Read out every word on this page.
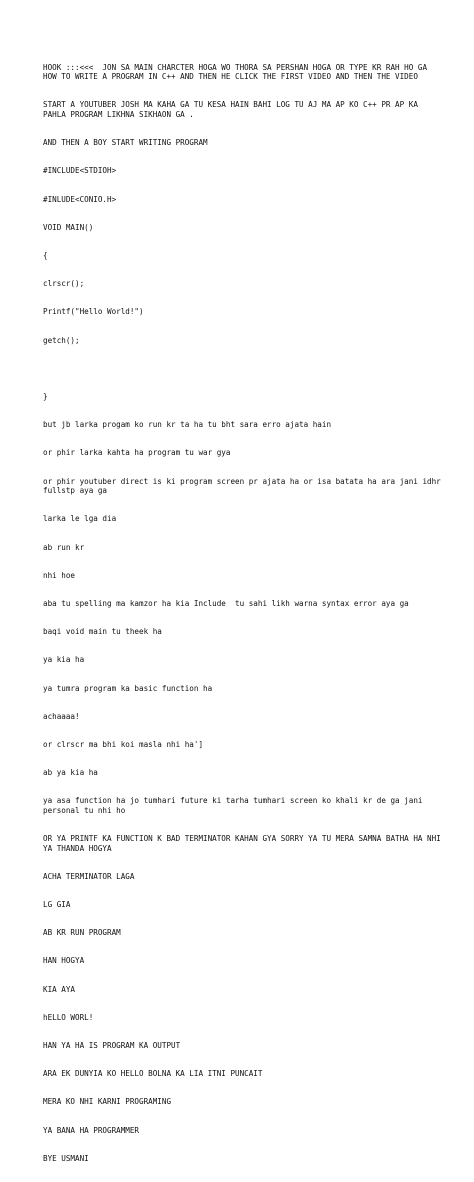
HOOK :::<<<  JON SA MAIN CHARCTER HOGA WO THORA SA PERSHAN HOGA OR TYPE KR RAH HO GA HOW TO WRITE A PROGRAM IN C++ AND THEN HE CLICK THE FIRST VIDEO AND THEN THE VIDEO

START A YOUTUBER JOSH MA KAHA GA TU KESA HAIN BAHI LOG TU AJ MA AP KO C++ PR AP KA PAHLA PROGRAM LIKHNA SIKHAON GA .

AND THEN A BOY START WRITING PROGRAM

#INCLUDE<STDIOH>

#INLUDE<CONIO.H>

VOID MAIN()

{

clrscr();

Printf("Hello World!")

getch();

}

but jb larka progam ko run kr ta ha tu bht sara erro ajata hain

or phir larka kahta ha program tu war gya

or phir youtuber direct is ki program screen pr ajata ha or isa batata ha ara jani idhr fullstp aya ga

larka le lga dia

ab run kr

nhi hoe

aba tu spelling ma kamzor ha kia Include  tu sahi likh warna syntax error aya ga

baqi void main tu theek ha

ya kia ha

ya tumra program ka basic function ha

achaaaa!

or clrscr ma bhi koi masla nhi ha']

ab ya kia ha

ya asa function ha jo tumhari future ki tarha tumhari screen ko khali kr de ga jani personal tu nhi ho

OR YA PRINTF KA FUNCTION K BAD TERMINATOR KAHAN GYA SORRY YA TU MERA SAMNA BATHA HA NHI YA THANDA HOGYA

ACHA TERMINATOR LAGA

LG GIA

AB KR RUN PROGRAM

HAN HOGYA

KIA AYA

hELLO WORL!

HAN YA HA IS PROGRAM KA OUTPUT

ARA EK DUNYIA KO HELLO BOLNA KA LIA ITNI PUNCAIT

MERA KO NHI KARNI PROGRAMING

YA BANA HA PROGRAMMER

BYE USMANI
